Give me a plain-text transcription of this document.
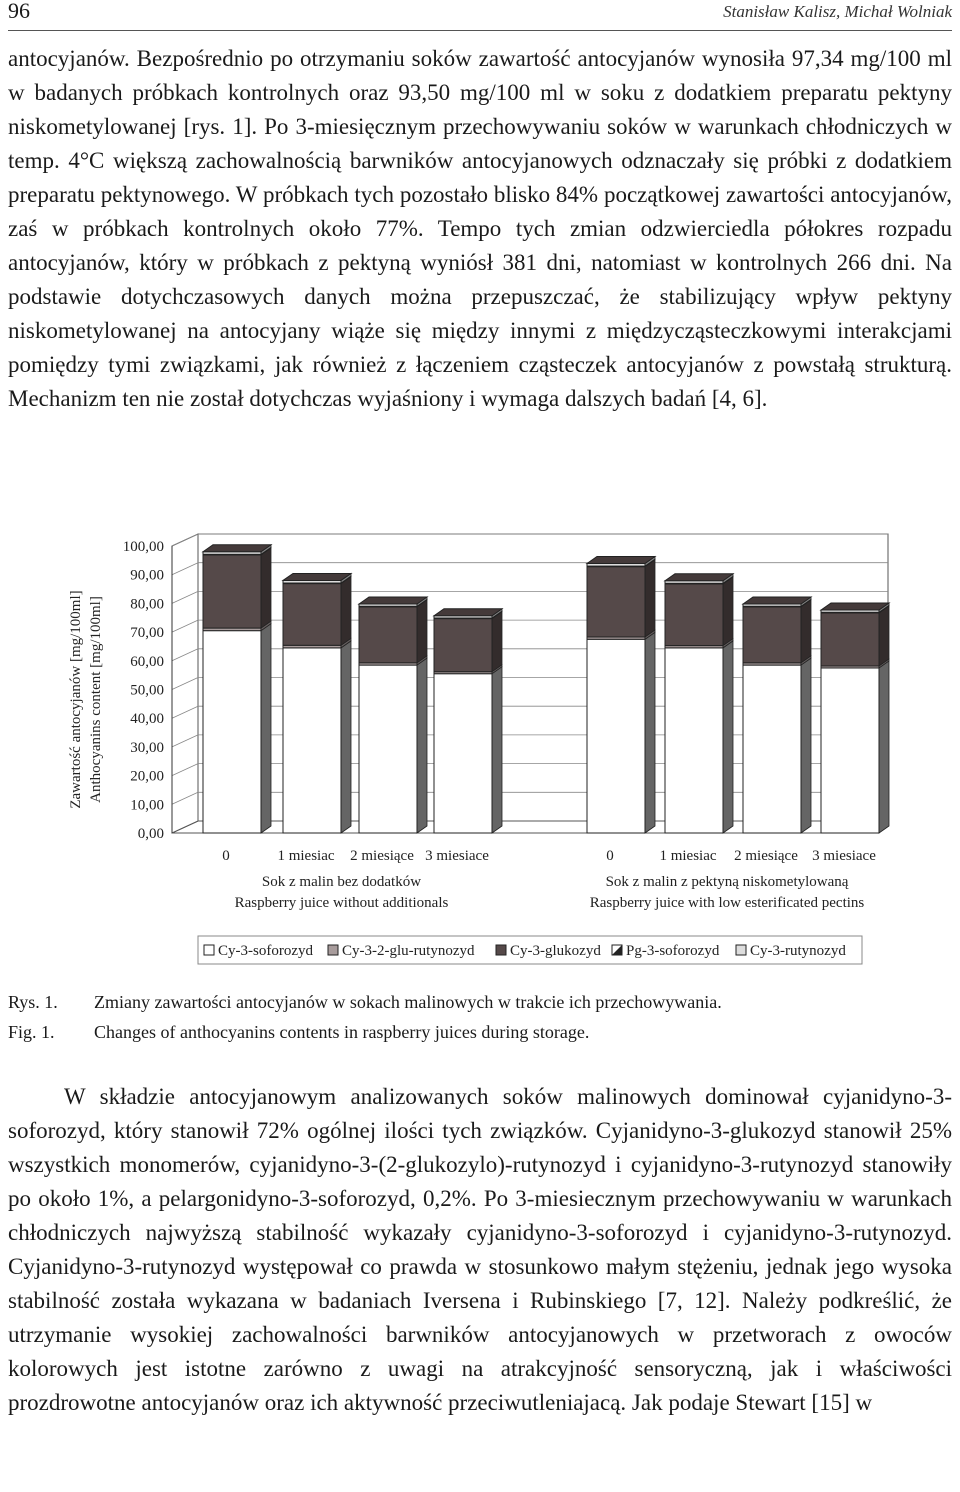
96	Stanisław Kalisz, Michał Wolniak

antocyjanów. Bezpośrednio po otrzymaniu soków zawartość antocyjanów wynosiła 97,34 mg/100 ml w badanych próbkach kontrolnych oraz 93,50 mg/100 ml w soku z dodatkiem preparatu pektyny niskometylowanej [rys. 1]. Po 3-miesięcznym przechowywaniu soków w warunkach chłodniczych w temp. 4°C większą zachowalnością barwników antocyjanowych odznaczały się próbki z dodatkiem preparatu pektynowego. W próbkach tych pozostało blisko 84% początkowej zawartości antocyjanów, zaś w próbkach kontrolnych około 77%. Tempo tych zmian odzwierciedla półokres rozpadu antocyjanów, który w próbkach z pektyną wyniósł 381 dni, natomiast w kontrolnych 266 dni. Na podstawie dotychczasowych danych można przepuszczać, że stabilizujący wpływ pektyny niskometylowanej na antocyjany wiąże się między innymi z międzycząsteczkowymi interakcjami pomiędzy tymi związkami, jak również z łączeniem cząsteczek antocyjanów z powstałą strukturą. Mechanizm ten nie został dotychczas wyjaśniony i wymaga dalszych badań [4, 6].

0,00
10,00
20,00
30,00
40,00
50,00
60,00
70,00
80,00
90,00
100,00
Zawartość antocyjanów [mg/100ml] Anthocyanins content [mg/100ml]
0	1 miesiac 2 miesiące 3 miesiace	0	1 miesiac 2 miesiące 3 miesiace
Sok z malin bez dodatków
Raspberry juice without additionals
Sok z malin z pektyną niskometylowaną
Raspberry juice with low esterificated pectins
Cy-3-soforozyd Cy-3-2-glu-rutynozyd Cy-3-glukozyd Pg-3-soforozyd Cy-3-rutynozyd
Rys. 1. Zmiany zawartości antocyjanów w sokach malinowych w trakcie ich przechowywania.
Fig. 1. Changes of anthocyanins contents in raspberry juices during storage.

W składzie antocyjanowym analizowanych soków malinowych dominował cyjanidyno-3-soforozyd, który stanowił 72% ogólnej ilości tych związków. Cyjanidyno-3-glukozyd stanowił 25% wszystkich monomerów, cyjanidyno-3-(2-glukozylo)-rutynozyd i cyjanidyno-3-rutynozyd stanowiły po około 1%, a pelargonidyno-3-soforozyd, 0,2%. Po 3-miesiecznym przechowywaniu w warunkach chłodniczych najwyższą stabilność wykazały cyjanidyno-3-soforozyd i cyjanidyno-3-rutynozyd. Cyjanidyno-3-rutynozyd występował co prawda w stosunkowo małym stężeniu, jednak jego wysoka stabilność została wykazana w badaniach Iversena i Rubinskiego [7, 12]. Należy podkreślić, że utrzymanie wysokiej zachowalności barwników antocyjanowych w przetworach z owoców kolorowych jest istotne zarówno z uwagi na atrakcyjność sensoryczną, jak i właściwości prozdrowotne antocyjanów oraz ich aktywność przeciwutleniajacą. Jak podaje Stewart [15] w
